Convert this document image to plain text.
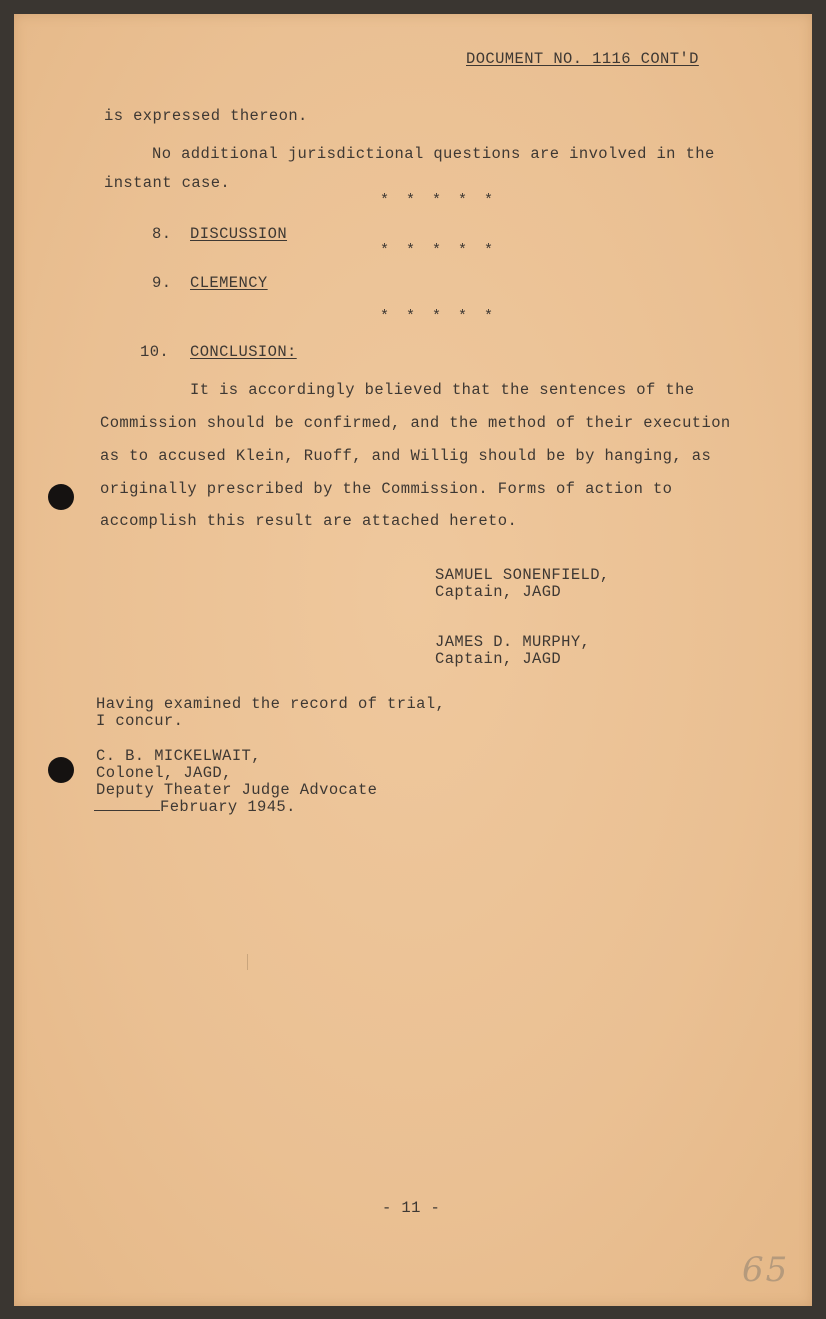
DOCUMENT NO. 1116 CONT'D

is expressed thereon.

No additional jurisdictional questions are involved in the

instant case.

* * * * *

8. DISCUSSION

* * * * *

9. CLEMENCY

* * * * *

10. CONCLUSION:

It is accordingly believed that the sentences of the

Commission should be confirmed, and the method of their execution

as to accused Klein, Ruoff, and Willig should be by hanging, as

originally prescribed by the Commission. Forms of action to

accomplish this result are attached hereto.

SAMUEL SONENFIELD,

Captain, JAGD

JAMES D. MURPHY,

Captain, JAGD

Having examined the record of trial,

I concur.

C. B. MICKELWAIT,

Colonel, JAGD,

Deputy Theater Judge Advocate

February 1945.

- 11 -

65
